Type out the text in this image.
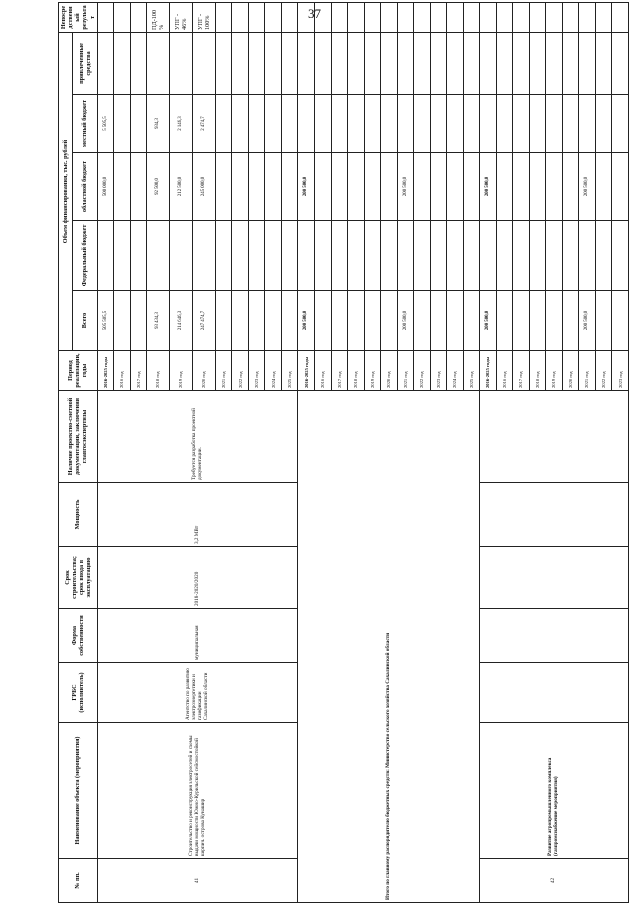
37
№ пп.	Наименование объекта (мероприятия)	ГРБС (исполнитель)	Форма собственности	Срок строительства; срок ввода в эксплуатацию	Мощность	Наличие проектно-сметной документации, заключения главгосэкспертизы	Период реализации, годы	Объем финансирования, тыс. рублей					Непосредственный результат
								Всего	Федеральный бюджет	областной бюджет	местный бюджет	привлеченные средства	
41	Строительство и реконструкция электросетей и схемы выдачи мощности Южно-Курильской сейсмостойкой кирпич. острова Кунашир	Агентство по развитию электроэнергетики и газификации Сахалинской области	муниципальная	2018-2020/2020	3,2 МВт	Требуется разработка проектной документации.	2016-2025 годы	505 505,5		500 000,0	5 505,5		
							2016 год						
							2017 год						
							2018 год	93 434,3		92 500,0	934,3		ПД-100%
							2019 год	214 646,3		212 500,0	2 146,3		УПГ - 46%
							2020 год	247 474,7		245 000,0	2 474,7		УПГ - 100%
							2021 год						
							2022 год						
							2023 год						
							2024 год						
							2025 год						
Итого по главному распорядителю бюджетных средств: Министерство сельского хозяйства Сахалинской области							2016-2025 годы	200 500,0		200 500,0			
							2016 год						
							2017 год						
							2018 год						
							2019 год						
							2020 год						
							2021 год	200 500,0		200 500,0			
							2022 год						
							2023 год						
							2024 год						
							2025 год						
42	Развитие агропромышленного комплекса (газпромснабжение мероприятия)						2016-2025 годы	200 500,0		200 500,0			
							2016 год						
							2017 год						
							2018 год						
							2019 год						
							2020 год						
							2021 год	200 500,0		200 500,0			
							2022 год						
							2023 год						
